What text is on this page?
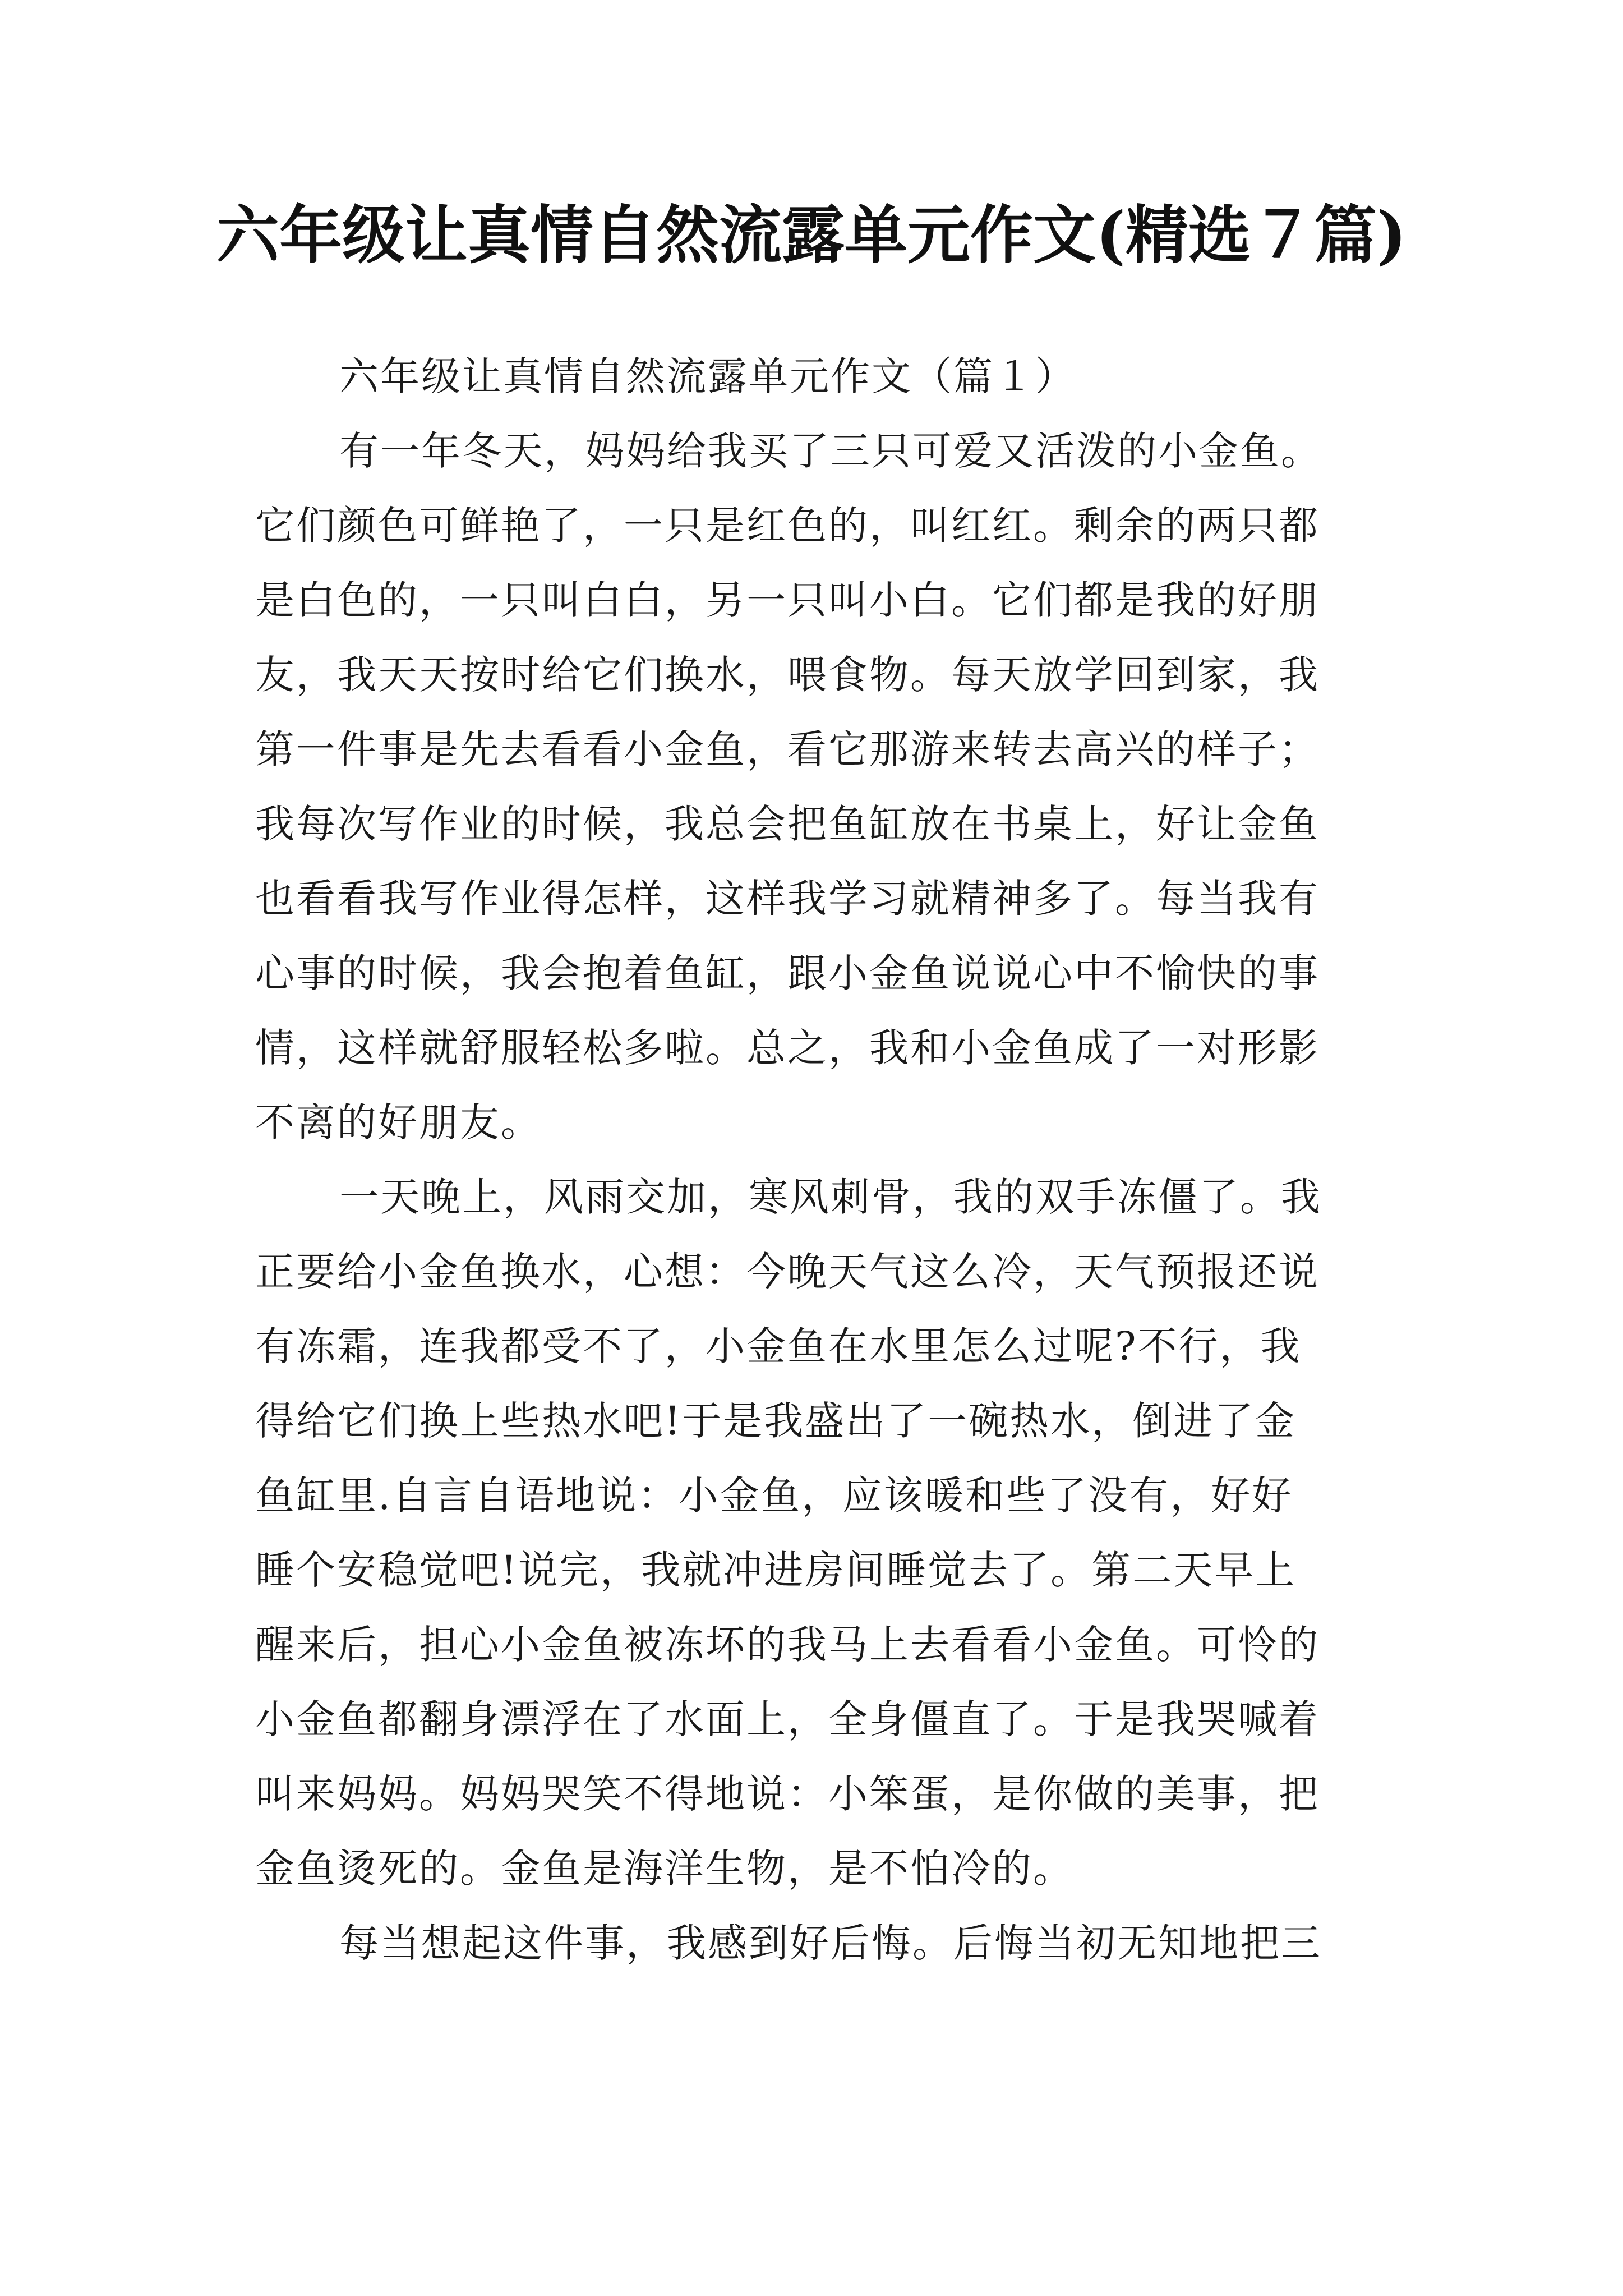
六年级让真情自然流露单元作文(精选７篇)
六年级让真情自然流露单元作文（篇１）
有一年冬天，妈妈给我买了三只可爱又活泼的小金鱼。
它们颜色可鲜艳了，一只是红色的，叫红红。剩余的两只都
是白色的，一只叫白白，另一只叫小白。它们都是我的好朋
友，我天天按时给它们换水，喂食物。每天放学回到家，我
第一件事是先去看看小金鱼，看它那游来转去高兴的样子；
我每次写作业的时候，我总会把鱼缸放在书桌上，好让金鱼
也看看我写作业得怎样，这样我学习就精神多了。每当我有
心事的时候，我会抱着鱼缸，跟小金鱼说说心中不愉快的事
情，这样就舒服轻松多啦。总之，我和小金鱼成了一对形影
不离的好朋友。
一天晚上，风雨交加，寒风刺骨，我的双手冻僵了。我
正要给小金鱼换水，心想：今晚天气这么冷，天气预报还说
有冻霜，连我都受不了，小金鱼在水里怎么过呢?不行，我
得给它们换上些热水吧!于是我盛出了一碗热水，倒进了金
鱼缸里.自言自语地说：小金鱼，应该暖和些了没有，好好
睡个安稳觉吧!说完，我就冲进房间睡觉去了。第二天早上
醒来后，担心小金鱼被冻坏的我马上去看看小金鱼。可怜的
小金鱼都翻身漂浮在了水面上，全身僵直了。于是我哭喊着
叫来妈妈。妈妈哭笑不得地说：小笨蛋，是你做的美事，把
金鱼烫死的。金鱼是海洋生物，是不怕冷的。
每当想起这件事，我感到好后悔。后悔当初无知地把三
